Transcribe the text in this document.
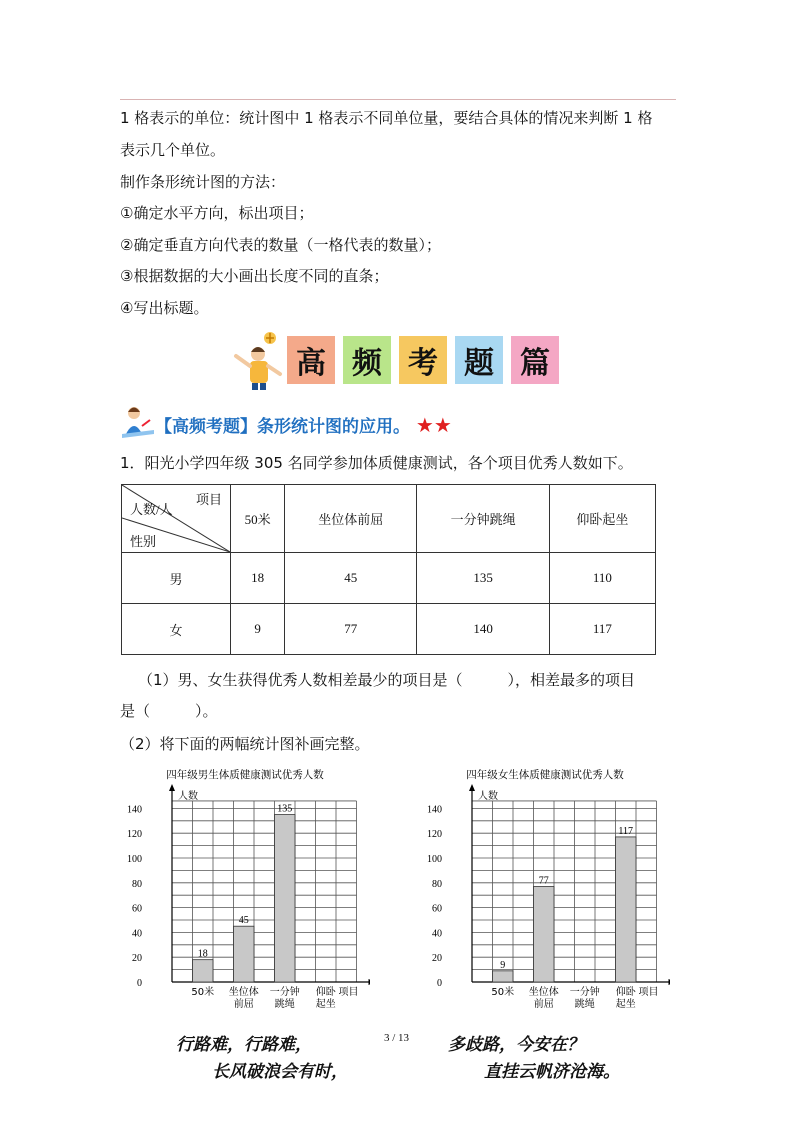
1 格表示的单位：统计图中 1 格表示不同单位量，要结合具体的情况来判断 1 格
表示几个单位。
制作条形统计图的方法：
①确定水平方向，标出项目；
②确定垂直方向代表的数量（一格代表的数量）；
③根据数据的大小画出长度不同的直条；
④写出标题。
高 频 考 题 篇
【高频考题】条形统计图的应用。 ★★
1．阳光小学四年级 305 名同学参加体质健康测试，各个项目优秀人数如下。
项目
人数/人
性别	50米	坐位体前屈	一分钟跳绳	仰卧起坐
男	18	45	135	110
女	9	77	140	117
（1）男、女生获得优秀人数相差最少的项目是（　　　），相差最多的项目
是（　　　）。
（2）将下面的两幅统计图补画完整。
四年级男生体质健康测试优秀人数
0
20
40
60
80
100
120
140
人数
18
50米
45
坐位体
前屈
135
一分钟
跳绳
仰卧
起坐
项目
四年级女生体质健康测试优秀人数
0
20
40
60
80
100
120
140
人数
9
50米
77
坐位体
前屈
一分钟
跳绳
117
仰卧
起坐
项目
行路难，行路难，
长风破浪会有时，
多歧路，今安在？
直挂云帆济沧海。
3 / 13
